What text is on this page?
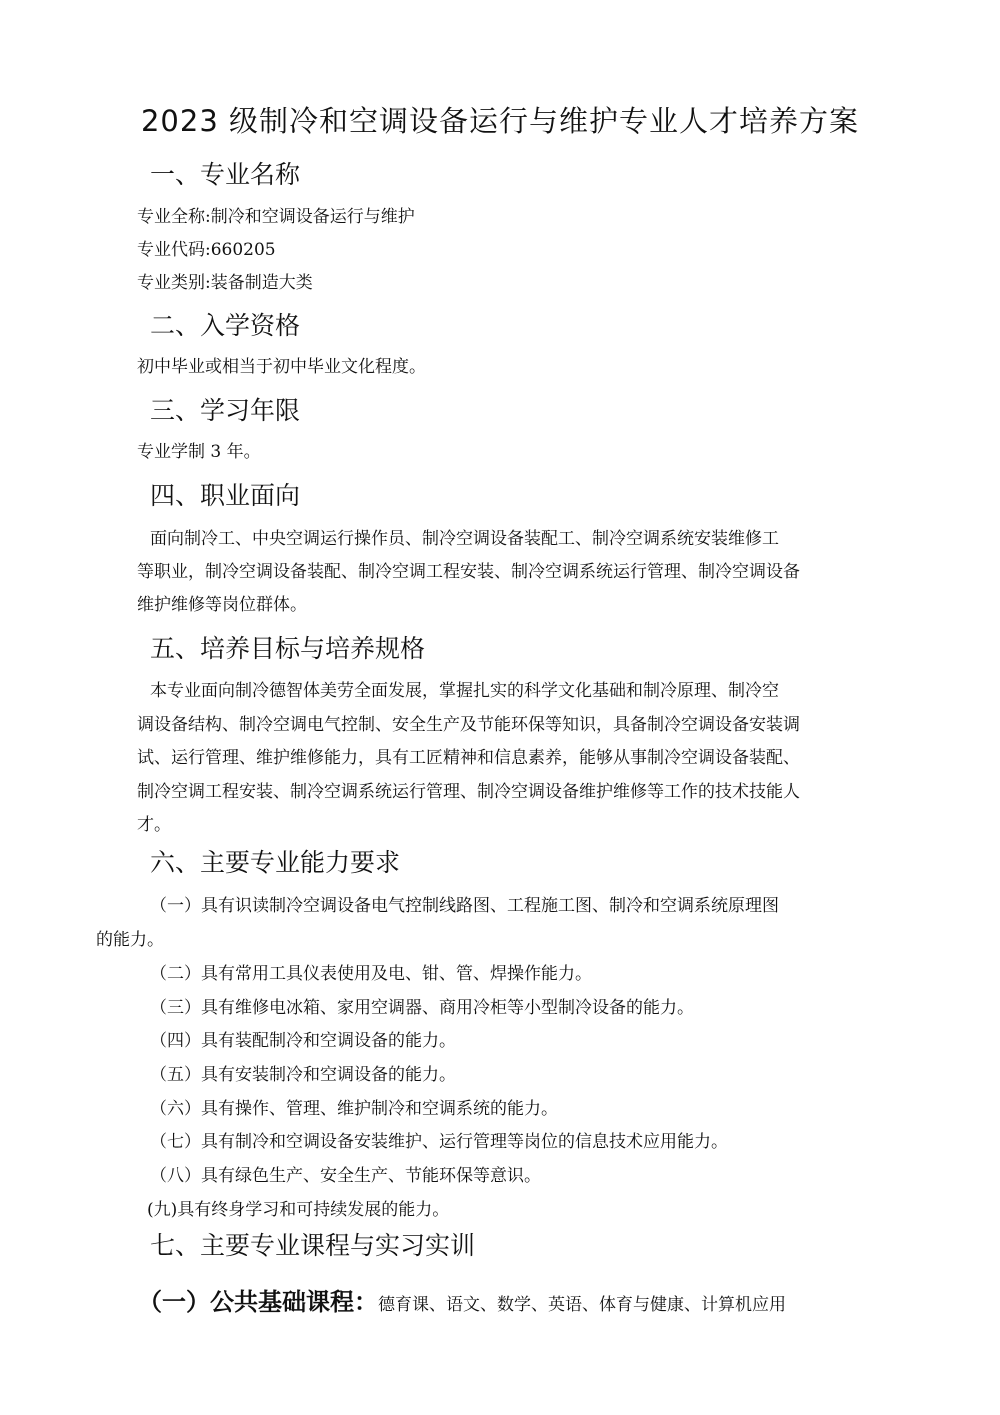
2023 级制冷和空调设备运行与维护专业人才培养方案
一、专业名称
专业全称:制冷和空调设备运行与维护
专业代码:660205
专业类别:装备制造大类
二、入学资格
初中毕业或相当于初中毕业文化程度。
三、学习年限
专业学制 3 年。
四、职业面向
面向制冷工、中央空调运行操作员、制冷空调设备装配工、制冷空调系统安装维修工
等职业，制冷空调设备装配、制冷空调工程安装、制冷空调系统运行管理、制冷空调设备
维护维修等岗位群体。
五、培养目标与培养规格
本专业面向制冷德智体美劳全面发展，掌握扎实的科学文化基础和制冷原理、制冷空
调设备结构、制冷空调电气控制、安全生产及节能环保等知识，具备制冷空调设备安装调
试、运行管理、维护维修能力，具有工匠精神和信息素养，能够从事制冷空调设备装配、
制冷空调工程安装、制冷空调系统运行管理、制冷空调设备维护维修等工作的技术技能人
才。
六、主要专业能力要求
（一）具有识读制冷空调设备电气控制线路图、工程施工图、制冷和空调系统原理图
的能力。
（二）具有常用工具仪表使用及电、钳、管、焊操作能力。
（三）具有维修电冰箱、家用空调器、商用冷柜等小型制冷设备的能力。
（四）具有装配制冷和空调设备的能力。
（五）具有安装制冷和空调设备的能力。
（六）具有操作、管理、维护制冷和空调系统的能力。
（七）具有制冷和空调设备安装维护、运行管理等岗位的信息技术应用能力。
（八）具有绿色生产、安全生产、节能环保等意识。
(九)具有终身学习和可持续发展的能力。
七、主要专业课程与实习实训
（一）公共基础课程：德育课、语文、数学、英语、体育与健康、计算机应用
